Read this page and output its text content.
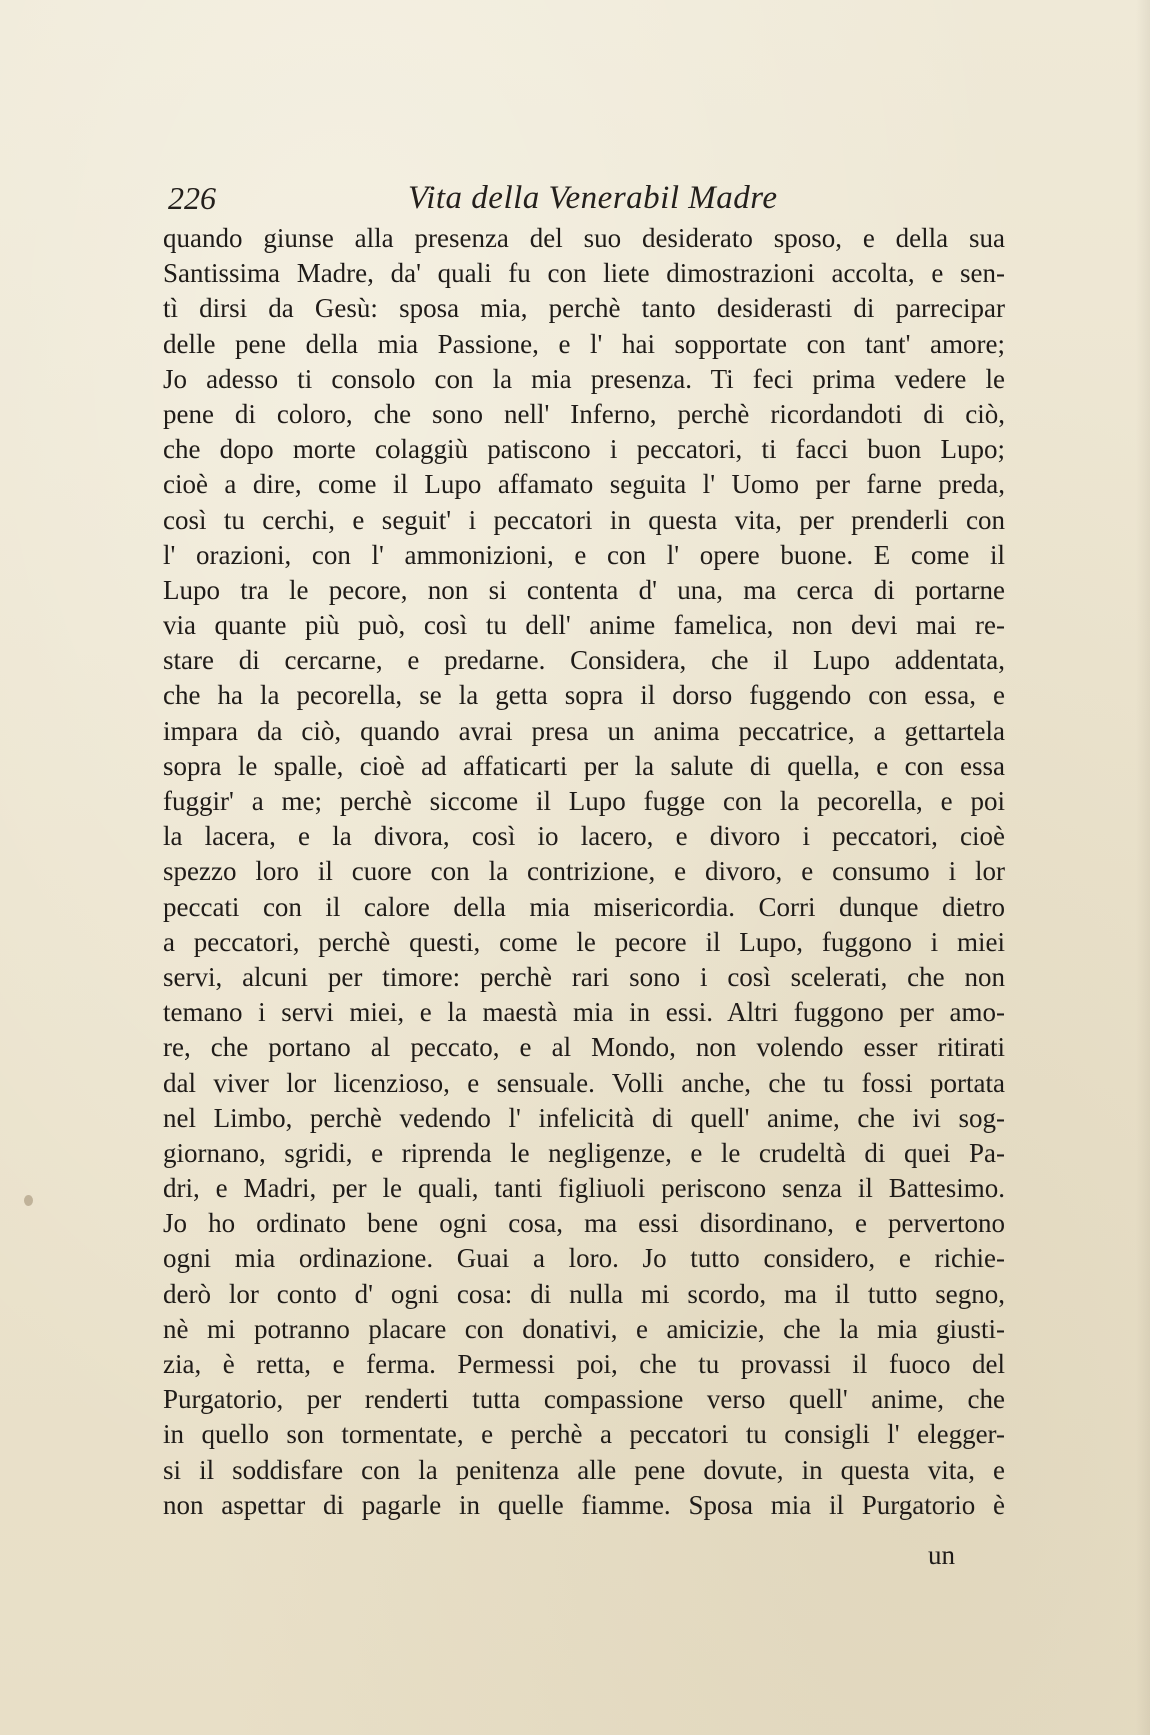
226	Vita della Venerabil Madre
quando giunse alla presenza del suo desiderato sposo, e della sua
Santissima Madre, da' quali fu con liete dimostrazioni accolta, e sen-
tì dirsi da Gesù: sposa mia, perchè tanto desiderasti di parrecipar
delle pene della mia Passione, e l' hai sopportate con tant' amore;
Jo adesso ti consolo con la mia presenza. Ti feci prima vedere le
pene di coloro, che sono nell' Inferno, perchè ricordandoti di ciò,
che dopo morte colaggiù patiscono i peccatori, ti facci buon Lupo;
cioè a dire, come il Lupo affamato seguita l' Uomo per farne preda,
così tu cerchi, e seguit' i peccatori in questa vita, per prenderli con
l' orazioni, con l' ammonizioni, e con l' opere buone. E come il
Lupo tra le pecore, non si contenta d' una, ma cerca di portarne
via quante più può, così tu dell' anime famelica, non devi mai re-
stare di cercarne, e predarne. Considera, che il Lupo addentata,
che ha la pecorella, se la getta sopra il dorso fuggendo con essa, e
impara da ciò, quando avrai presa un anima peccatrice, a gettartela
sopra le spalle, cioè ad affaticarti per la salute di quella, e con essa
fuggir' a me; perchè siccome il Lupo fugge con la pecorella, e poi
la lacera, e la divora, così io lacero, e divoro i peccatori, cioè
spezzo loro il cuore con la contrizione, e divoro, e consumo i lor
peccati con il calore della mia misericordia. Corri dunque dietro
a peccatori, perchè questi, come le pecore il Lupo, fuggono i miei
servi, alcuni per timore: perchè rari sono i così scelerati, che non
temano i servi miei, e la maestà mia in essi. Altri fuggono per amo-
re, che portano al peccato, e al Mondo, non volendo esser ritirati
dal viver lor licenzioso, e sensuale. Volli anche, che tu fossi portata
nel Limbo, perchè vedendo l' infelicità di quell' anime, che ivi sog-
giornano, sgridi, e riprenda le negligenze, e le crudeltà di quei Pa-
dri, e Madri, per le quali, tanti figliuoli periscono senza il Battesimo.
Jo ho ordinato bene ogni cosa, ma essi disordinano, e pervertono
ogni mia ordinazione. Guai a loro. Jo tutto considero, e richie-
derò lor conto d' ogni cosa: di nulla mi scordo, ma il tutto segno,
nè mi potranno placare con donativi, e amicizie, che la mia giusti-
zia, è retta, e ferma. Permessi poi, che tu provassi il fuoco del
Purgatorio, per renderti tutta compassione verso quell' anime, che
in quello son tormentate, e perchè a peccatori tu consigli l' elegger-
si il soddisfare con la penitenza alle pene dovute, in questa vita, e
non aspettar di pagarle in quelle fiamme. Sposa mia il Purgatorio è
un
